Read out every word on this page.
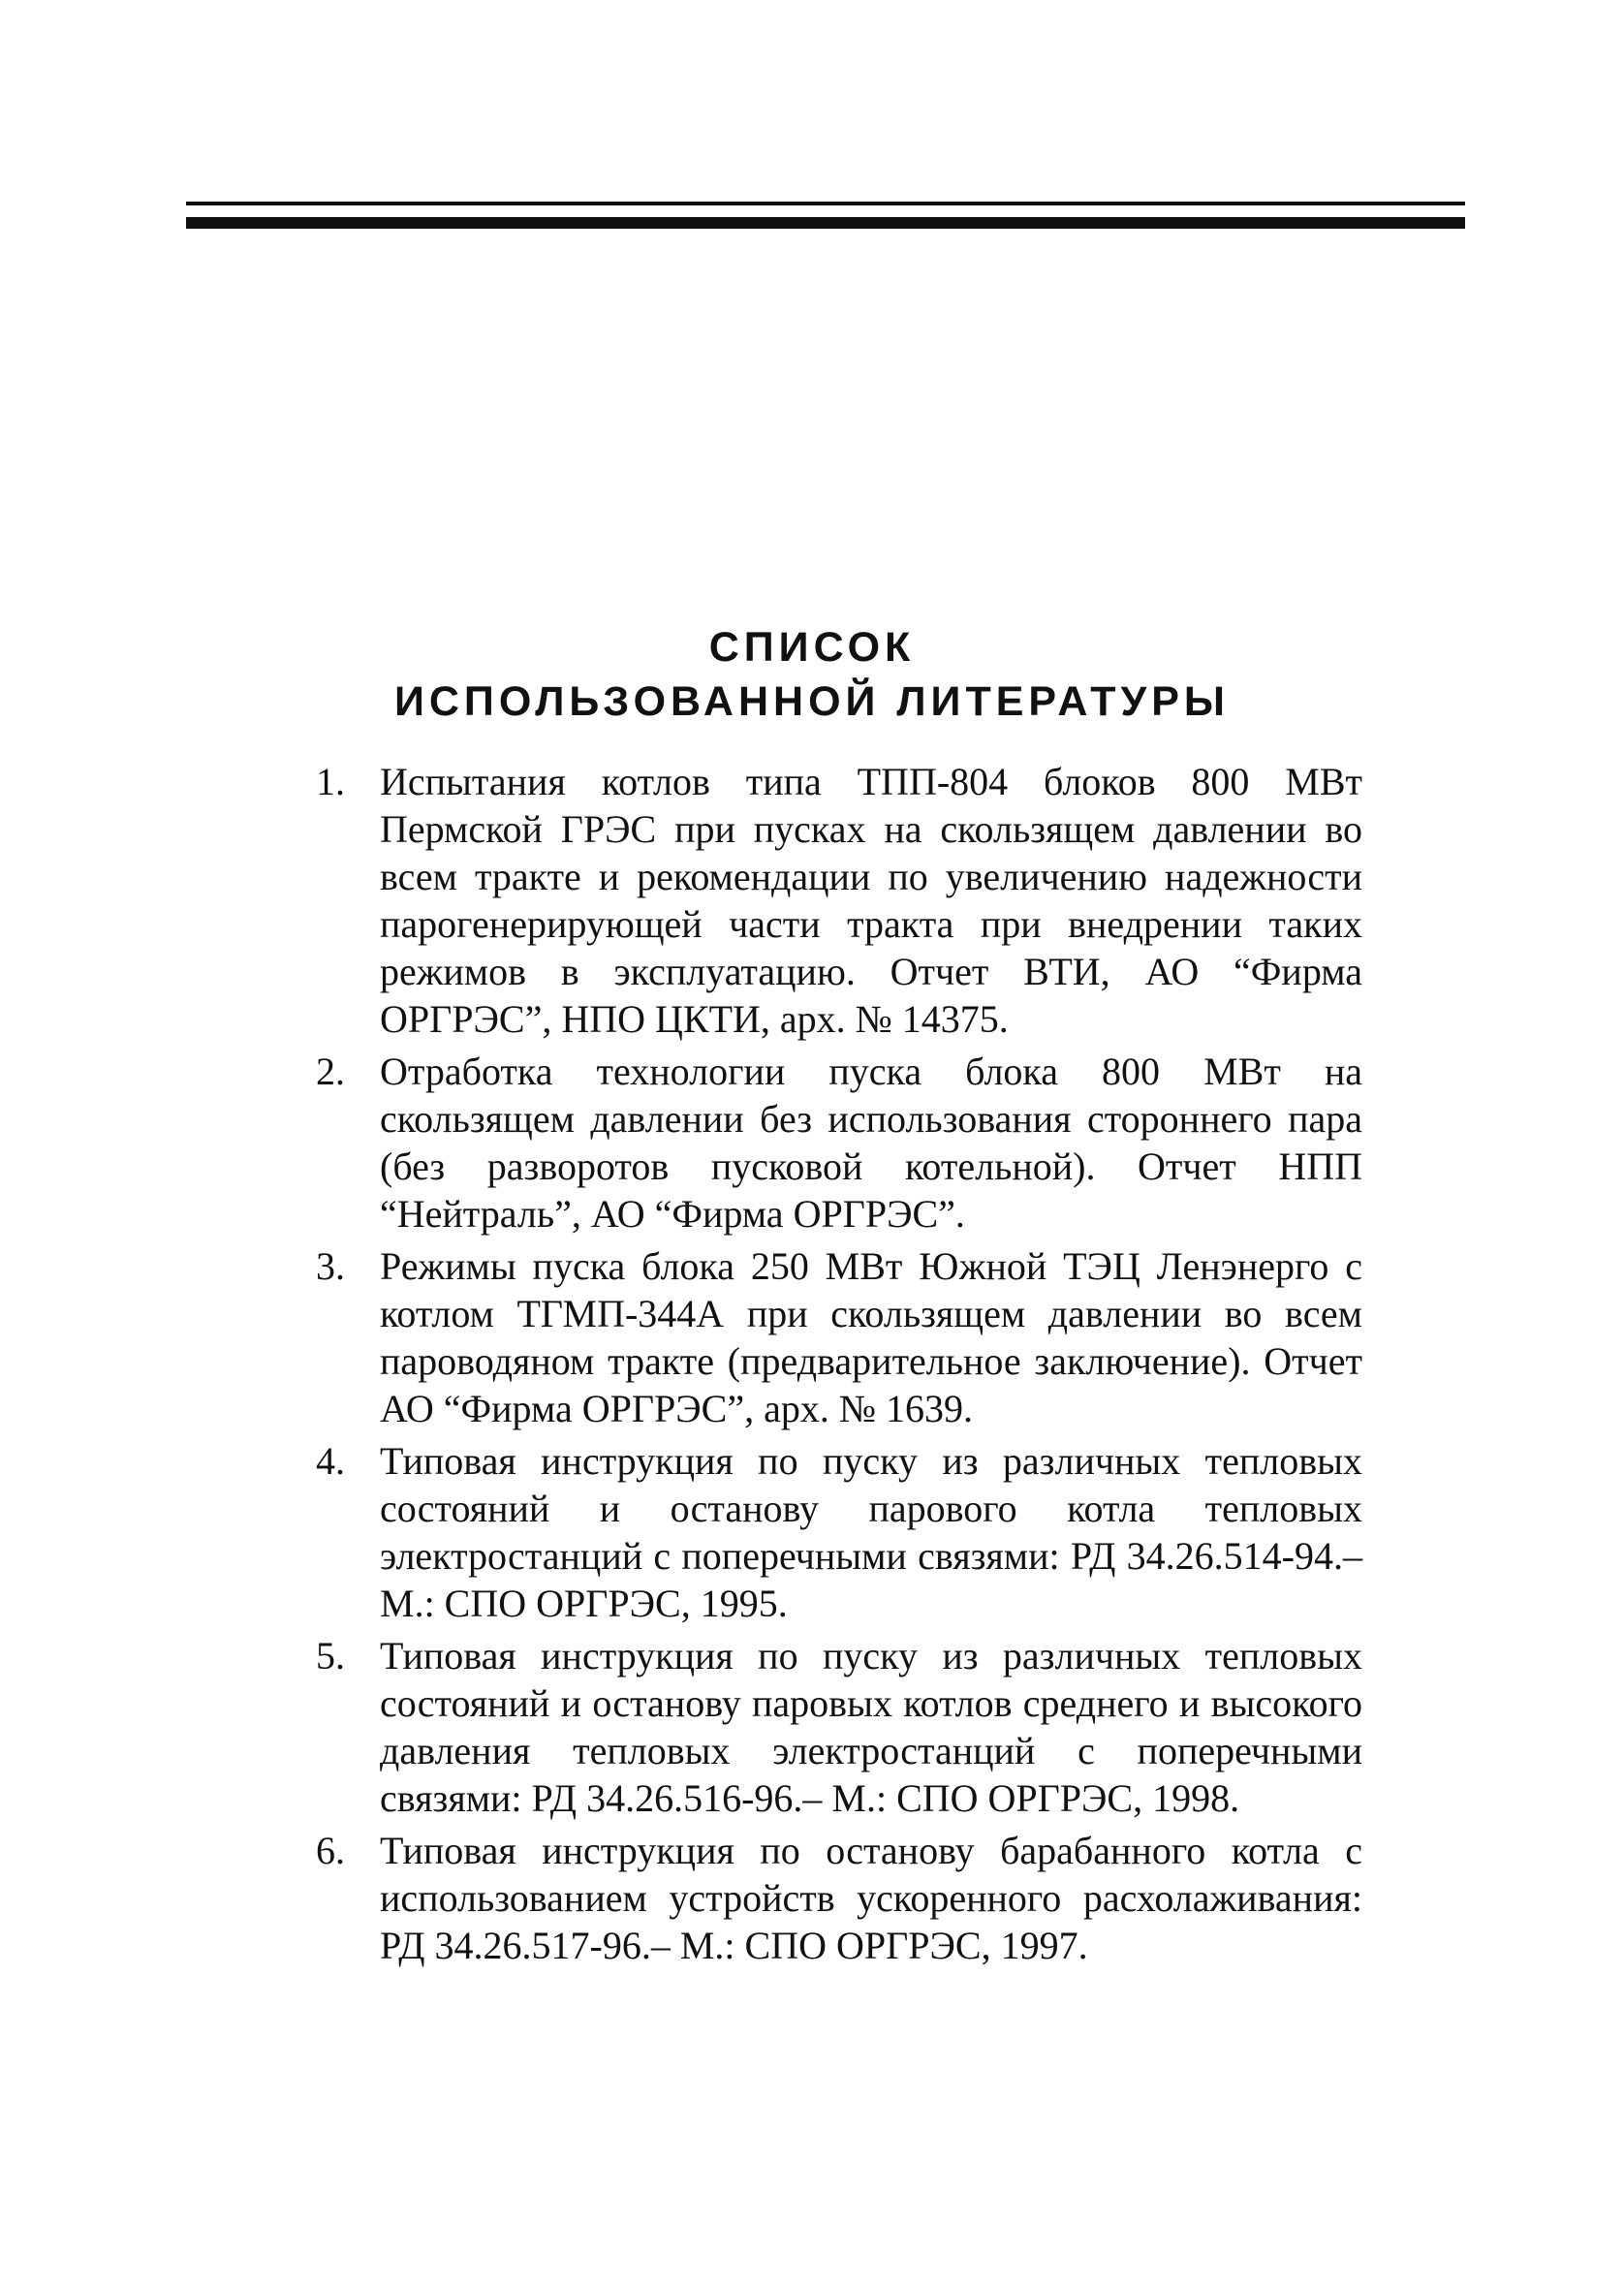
СПИСОК
ИСПОЛЬЗОВАННОЙ ЛИТЕРАТУРЫ
1. Испытания котлов типа ТПП-804 блоков 800 МВт Пермской ГРЭС при пусках на скользящем давлении во всем тракте и рекомендации по увеличению надежности парогенерирующей части тракта при внедрении таких режимов в эксплуатацию. Отчет ВТИ, АО “Фирма ОРГРЭС”, НПО ЦКТИ, арх. № 14375.
2. Отработка технологии пуска блока 800 МВт на скользящем давлении без использования стороннего пара (без разворотов пусковой котельной). Отчет НПП “Нейтраль”, АО “Фирма ОРГРЭС”.
3. Режимы пуска блока 250 МВт Южной ТЭЦ Ленэнерго с котлом ТГМП-344А при скользящем давлении во всем пароводяном тракте (предварительное заключение). Отчет АО “Фирма ОРГРЭС”, арх. № 1639.
4. Типовая инструкция по пуску из различных тепловых состояний и останову парового котла тепловых электростанций с поперечными связями: РД 34.26.514-94.– М.: СПО ОРГРЭС, 1995.
5. Типовая инструкция по пуску из различных тепловых состояний и останову паровых котлов среднего и высокого давления тепловых электростанций с поперечными связями: РД 34.26.516-96.– М.: СПО ОРГРЭС, 1998.
6. Типовая инструкция по останову барабанного котла с использованием устройств ускоренного расхолаживания: РД 34.26.517-96.– М.: СПО ОРГРЭС, 1997.
